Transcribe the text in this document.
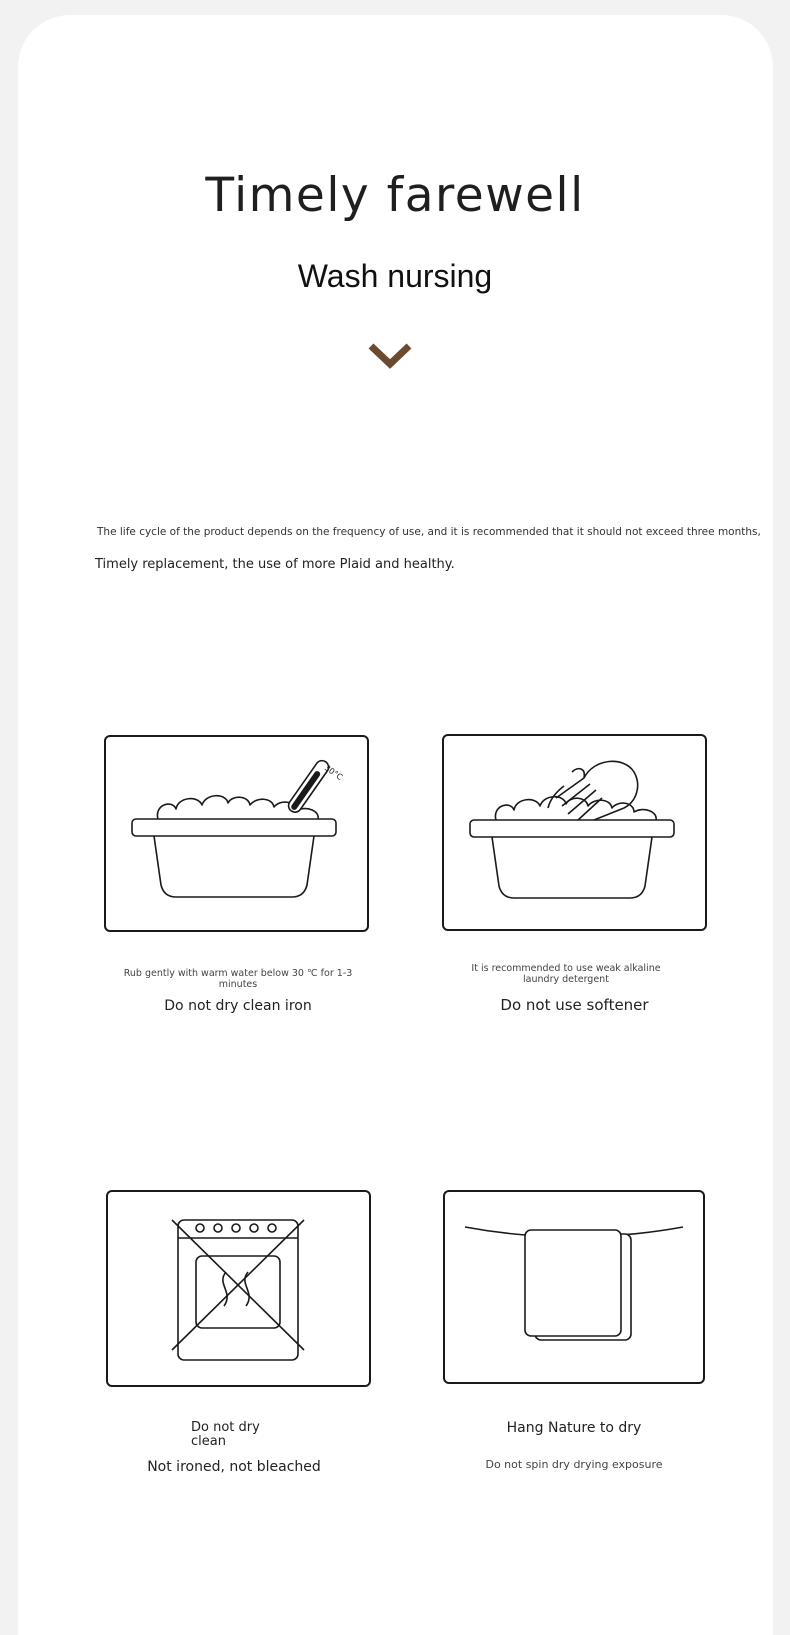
Timely farewell
Wash nursing
The life cycle of the product depends on the frequency of use, and it is recommended that it should not exceed three months,
Timely replacement, the use of more Plaid and healthy.
30°C
Rub gently with warm water below 30 ℃ for 1-3 minutes
Do not dry clean iron
It is recommended to use weak alkaline laundry detergent
Do not use softener
Do not dry clean
Not ironed, not bleached
Hang Nature to dry
Do not spin dry drying exposure
